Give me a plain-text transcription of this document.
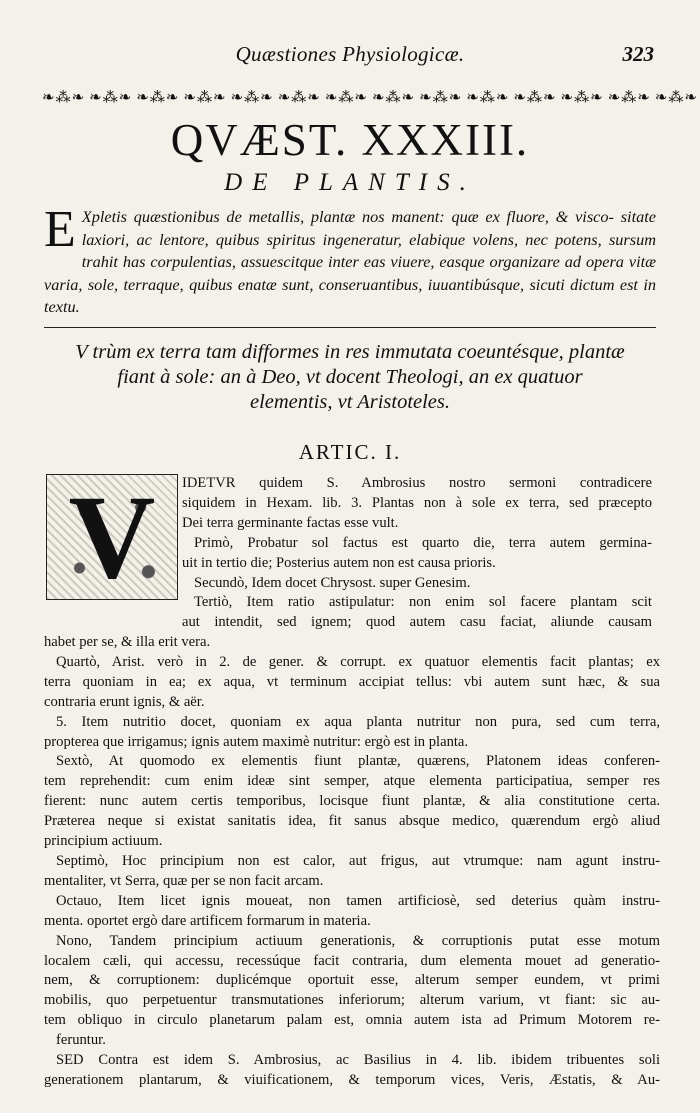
Quæstiones Physiologicæ.	323
❧⁂❧ ❧⁂❧ ❧⁂❧ ❧⁂❧ ❧⁂❧ ❧⁂❧ ❧⁂❧ ❧⁂❧ ❧⁂❧ ❧⁂❧ ❧⁂❧ ❧⁂❧ ❧⁂❧ ❧⁂❧
QVÆST. XXXIII.
DE PLANTIS.
E Xpletis quæstionibus de metallis, plantæ nos manent: quæ ex fluore, & visco- sitate laxiori, ac lentore, quibus spiritus ingeneratur, elabique volens, nec potens, sursum trahit has corpulentias, assuescitque inter eas viuere, easque organizare ad opera vitæ varia, sole, terraque, quibus enatæ sunt, conseruantibus, iuuantibúsque, sicuti dictum est in textu.
V trùm ex terra tam difformes in res immutata coeuntésque, plantæ
fiant à sole: an à Deo, vt docent Theologi, an ex quatuor
elementis, vt Aristoteles.
ARTIC. I.
V	IDETVR quidem S. Ambrosius nostro sermoni contradicere
siquidem in Hexam. lib. 3. Plantas non à sole ex terra, sed præcepto
Dei terra germinante factas esse vult.
Primò, Probatur sol factus est quarto die, terra autem germina-
uit in tertio die; Posterius autem non est causa prioris.
Secundò, Idem docet Chrysost. super Genesim.
Tertiò, Item ratio astipulatur: non enim sol facere plantam scit
aut intendit, sed ignem; quod autem casu faciat, aliunde causam
habet per se, & illa erit vera.
Quartò, Arist. verò in 2. de gener. & corrupt. ex quatuor elementis facit plantas; ex
terra quoniam in ea; ex aqua, vt terminum accipiat tellus: vbi autem sunt hæc, & sua
contraria erunt ignis, & aër.
5. Item nutritio docet, quoniam ex aqua planta nutritur non pura, sed cum terra,
propterea que irrigamus; ignis autem maximè nutritur: ergò est in planta.
Sextò, At quomodo ex elementis fiunt plantæ, quærens, Platonem ideas conferen-
tem reprehendit: cum enim ideæ sint semper, atque elementa participatiua, semper res
fierent: nunc autem certis temporibus, locisque fiunt plantæ, & alia constitutione certa.
Præterea neque si existat sanitatis idea, fit sanus absque medico, quærendum ergò aliud
principium actiuum.
Septimò, Hoc principium non est calor, aut frigus, aut vtrumque: nam agunt instru-
mentaliter, vt Serra, quæ per se non facit arcam.
Octauo, Item licet ignis moueat, non tamen artificiosè, sed deterius quàm instru-
menta. oportet ergò dare artificem formarum in materia.
Nono, Tandem principium actiuum generationis, & corruptionis putat esse motum
localem cæli, qui accessu, recessúque facit contraria, dum elementa mouet ad generatio-
nem, & corruptionem: duplicémque oportuit esse, alterum semper eundem, vt primi
mobilis, quo perpetuentur transmutationes inferiorum; alterum varium, vt fiant: sic au-
tem obliquo in circulo planetarum palam est, omnia autem ista ad Primum Motorem re-
feruntur.
SED Contra est idem S. Ambrosius, ac Basilius in 4. lib. ibidem tribuentes soli
generationem plantarum, & viuificationem, & temporum vices, Veris, Æstatis, & Au-
